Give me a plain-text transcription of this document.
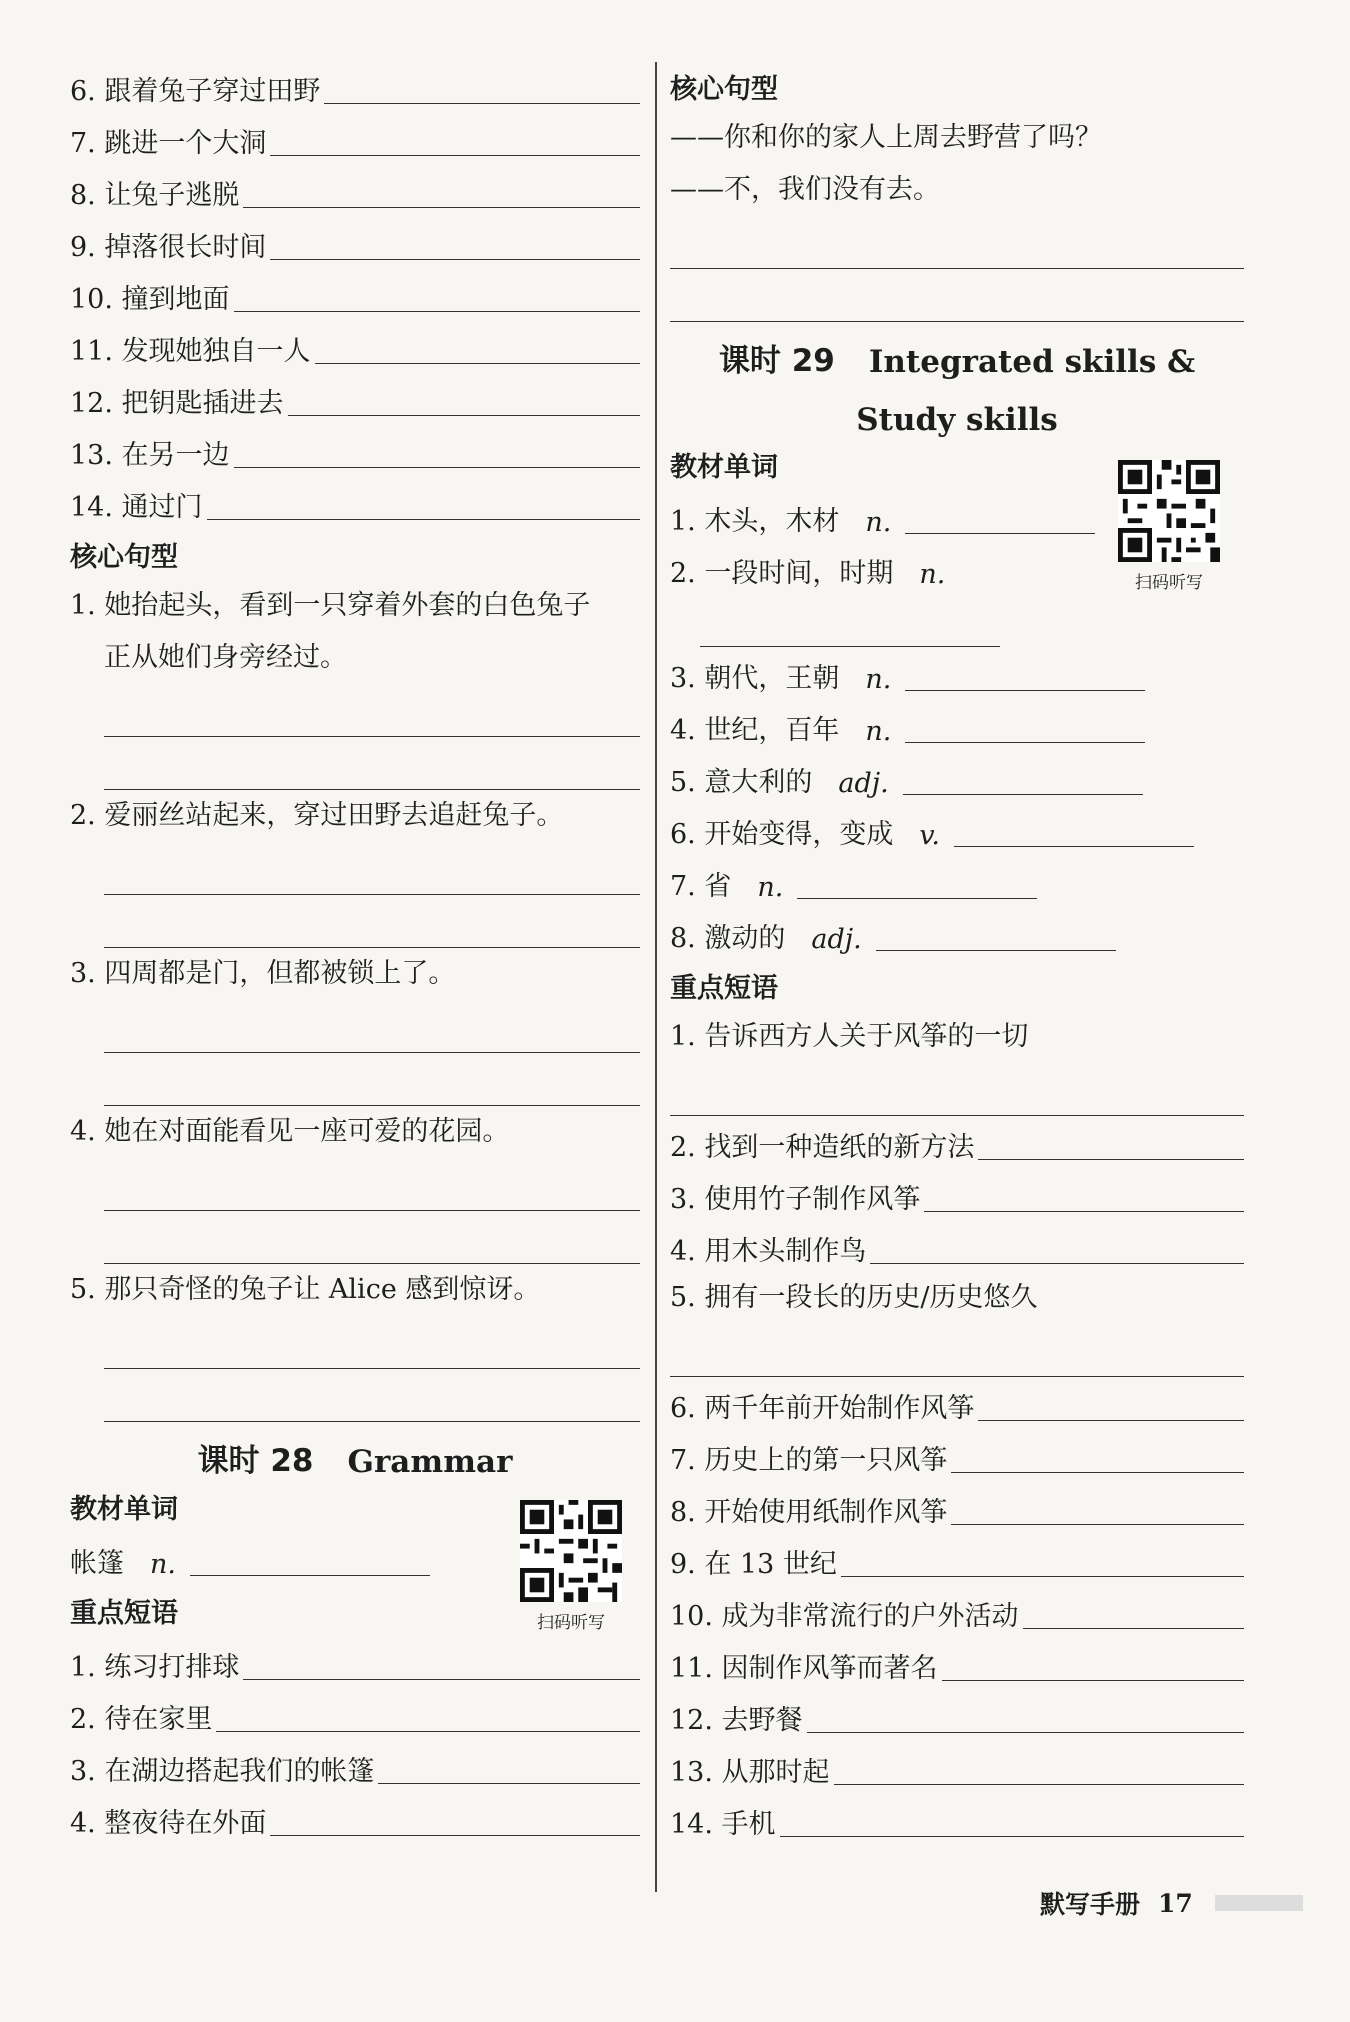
6. 跟着兔子穿过田野
7. 跳进一个大洞
8. 让兔子逃脱
9. 掉落很长时间
10. 撞到地面
11. 发现她独自一人
12. 把钥匙插进去
13. 在另一边
14. 通过门
核心句型
1. 她抬起头，看到一只穿着外套的白色兔子
正从她们身旁经过。
2. 爱丽丝站起来，穿过田野去追赶兔子。
3. 四周都是门，但都被锁上了。
4. 她在对面能看见一座可爱的花园。
5. 那只奇怪的兔子让 Alice 感到惊讶。
课时 28 Grammar
教材单词
帐篷 n.
重点短语
1. 练习打排球
2. 待在家里
3. 在湖边搭起我们的帐篷
4. 整夜待在外面
扫码听写
核心句型
——你和你的家人上周去野营了吗？
——不，我们没有去。
课时 29 Integrated skills &
Study skills
教材单词
1. 木头，木材 n.
2. 一段时间，时期 n.
3. 朝代，王朝 n.
4. 世纪，百年 n.
5. 意大利的 adj.
6. 开始变得，变成 v.
7. 省 n.
8. 激动的 adj.
重点短语
1. 告诉西方人关于风筝的一切
2. 找到一种造纸的新方法
3. 使用竹子制作风筝
4. 用木头制作鸟
5. 拥有一段长的历史/历史悠久
6. 两千年前开始制作风筝
7. 历史上的第一只风筝
8. 开始使用纸制作风筝
9. 在 13 世纪
10. 成为非常流行的户外活动
11. 因制作风筝而著名
12. 去野餐
13. 从那时起
14. 手机
扫码听写
默写手册 17
